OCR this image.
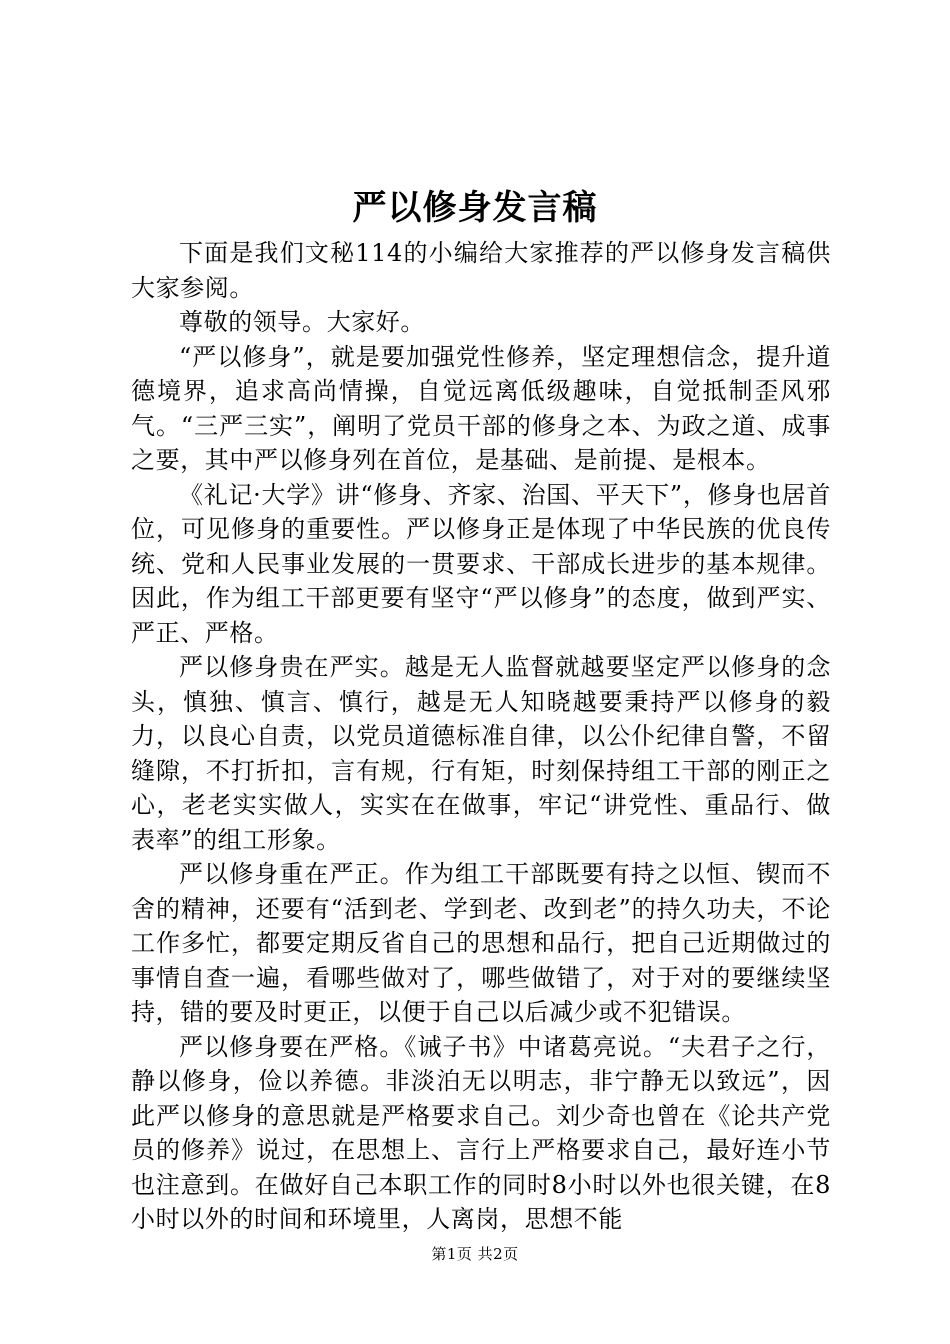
严以修身发言稿

下面是我们文秘114的小编给大家推荐的严以修身发言稿供大家参阅。

尊敬的领导。大家好。

“严以修身”，就是要加强党性修养，坚定理想信念，提升道德境界，追求高尚情操，自觉远离低级趣味，自觉抵制歪风邪气。“三严三实”，阐明了党员干部的修身之本、为政之道、成事之要，其中严以修身列在首位，是基础、是前提、是根本。

《礼记·大学》讲“修身、齐家、治国、平天下”，修身也居首位，可见修身的重要性。严以修身正是体现了中华民族的优良传统、党和人民事业发展的一贯要求、干部成长进步的基本规律。因此，作为组工干部更要有坚守“严以修身”的态度，做到严实、严正、严格。

严以修身贵在严实。越是无人监督就越要坚定严以修身的念头，慎独、慎言、慎行，越是无人知晓越要秉持严以修身的毅力，以良心自责，以党员道德标准自律，以公仆纪律自警，不留缝隙，不打折扣，言有规，行有矩，时刻保持组工干部的刚正之心，老老实实做人，实实在在做事，牢记“讲党性、重品行、做表率”的组工形象。

严以修身重在严正。作为组工干部既要有持之以恒、锲而不舍的精神，还要有“活到老、学到老、改到老”的持久功夫，不论工作多忙，都要定期反省自己的思想和品行，把自己近期做过的事情自查一遍，看哪些做对了，哪些做错了，对于对的要继续坚持，错的要及时更正，以便于自己以后减少或不犯错误。

严以修身要在严格。《诫子书》中诸葛亮说。“夫君子之行，静以修身，俭以养德。非淡泊无以明志，非宁静无以致远”，因此严以修身的意思就是严格要求自己。刘少奇也曾在《论共产党员的修养》说过，在思想上、言行上严格要求自己，最好连小节也注意到。在做好自己本职工作的同时8小时以外也很关键，在8小时以外的时间和环境里，人离岗，思想不能

第1页 共2页
